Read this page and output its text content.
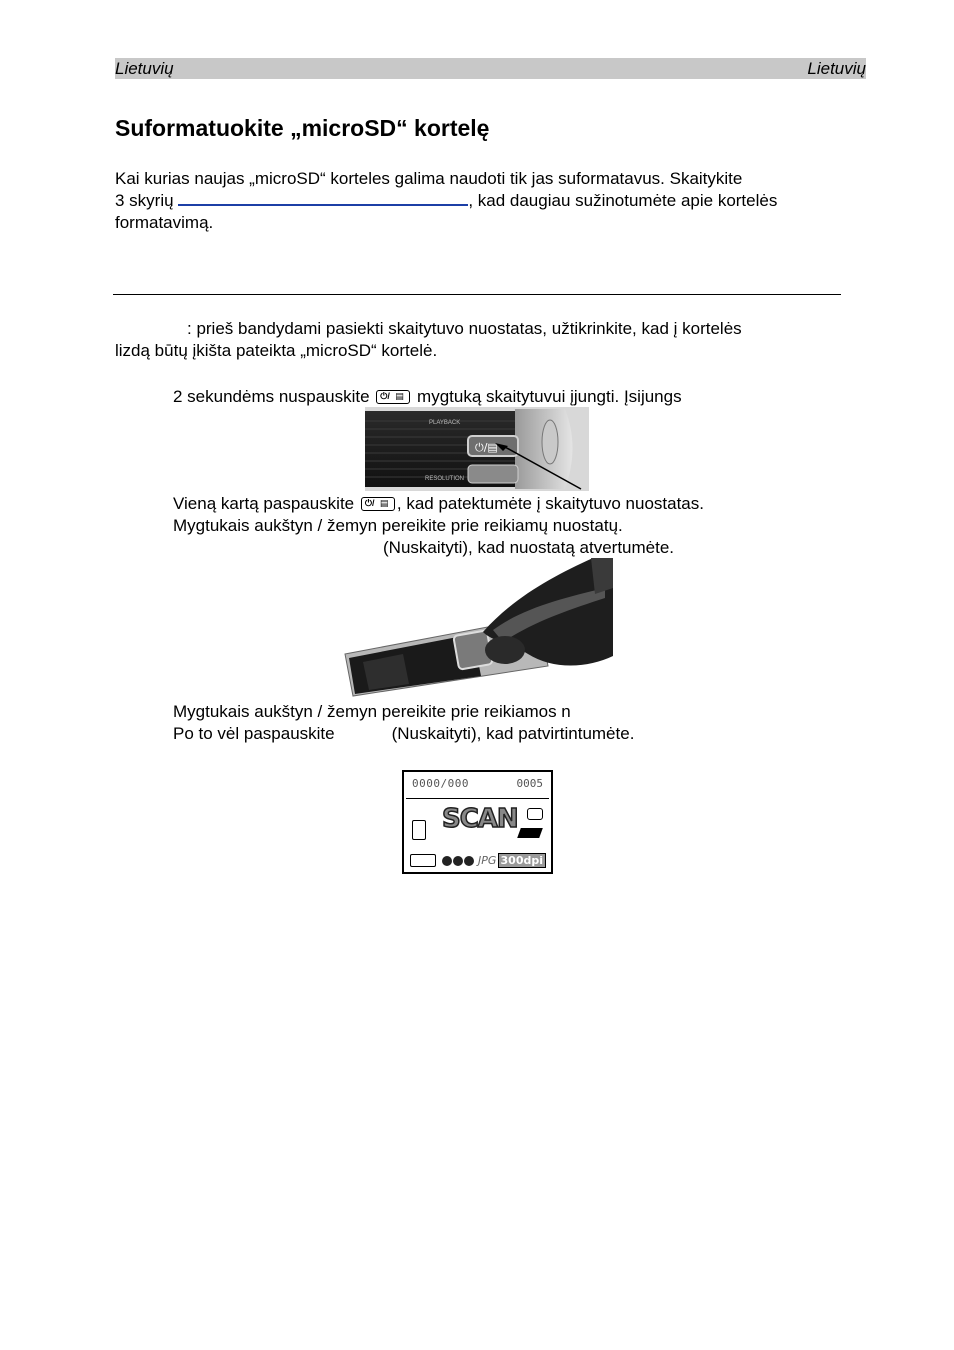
Lietuvių	Lietuvių
Suformatuokite „microSD“ kortelę
Kai kurias naujas „microSD“ korteles galima naudoti tik jas suformatavus. Skaitykite
3 skyrių	, kad daugiau sužinotumėte apie kortelės
formatavimą.
: prieš bandydami pasiekti skaitytuvo nuostatas, užtikrinkite, kad į kortelės
lizdą būtų įkišta pateikta „microSD“ kortelė.
2 sekundėms nuspauskite ⏻/ ▤ mygtuką skaitytuvui įjungti. Įsijungs
⏻/▤
PLAYBACK
RESOLUTION
Vieną kartą paspauskite ⏻/ ▤ , kad patektumėte į skaitytuvo nuostatas.
Mygtukais aukštyn / žemyn pereikite prie reikiamų nuostatų.
(Nuskaityti), kad nuostatą atvertumėte.
Mygtukais aukštyn / žemyn pereikite prie reikiamos n
Po to vėl paspauskite	(Nuskaityti), kad patvirtintumėte.
0000/000	0005
SCAN
JPG 300dpi
